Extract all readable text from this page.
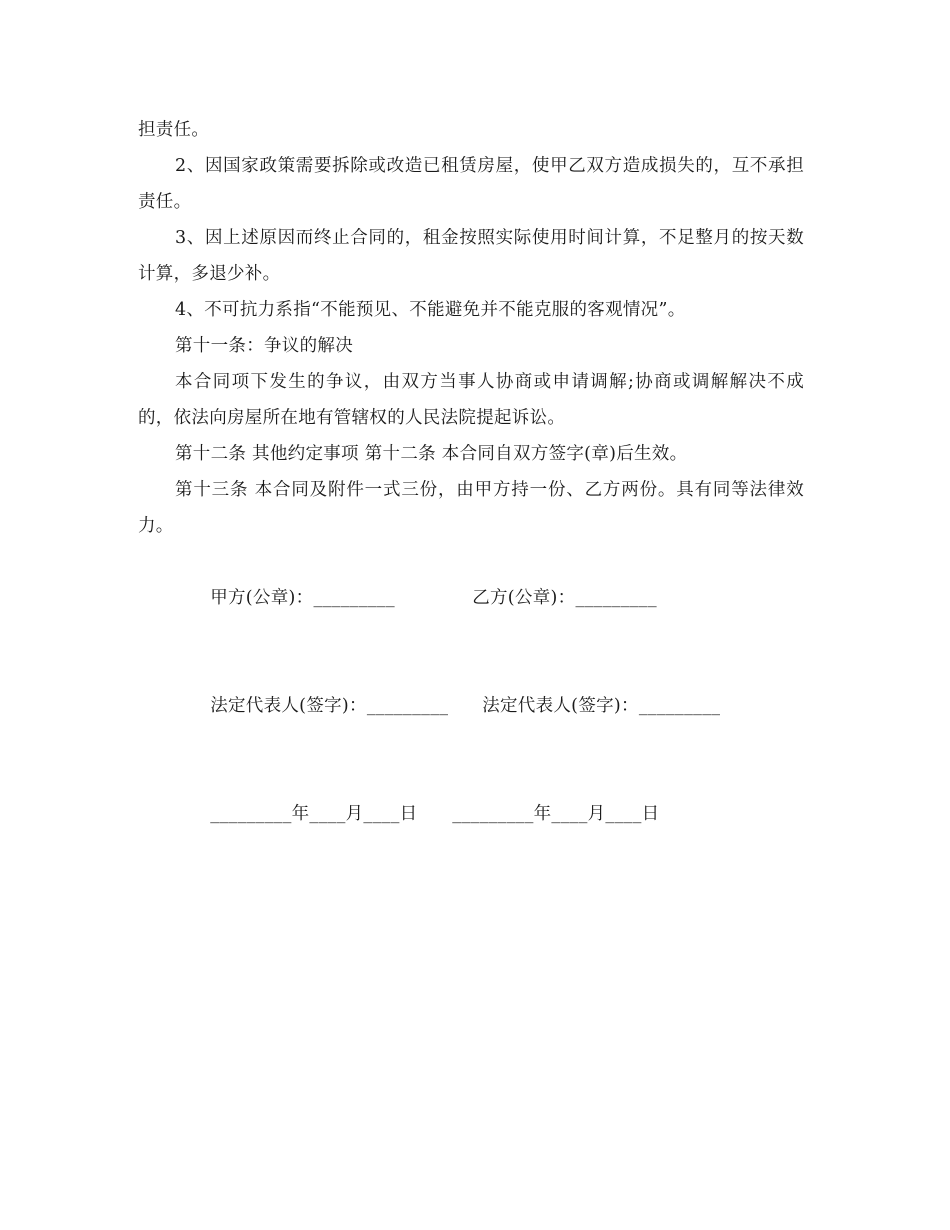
担责任。

2、因国家政策需要拆除或改造已租赁房屋，使甲乙双方造成损失的，互不承担责任。

3、因上述原因而终止合同的，租金按照实际使用时间计算，不足整月的按天数计算，多退少补。

4、不可抗力系指“不能预见、不能避免并不能克服的客观情况”。

第十一条：争议的解决

本合同项下发生的争议，由双方当事人协商或申请调解;协商或调解解决不成的，依法向房屋所在地有管辖权的人民法院提起诉讼。

第十二条 其他约定事项 第十二条 本合同自双方签字(章)后生效。

第十三条 本合同及附件一式三份，由甲方持一份、乙方两份。具有同等法律效力。

甲方(公章)：_________	乙方(公章)：_________

法定代表人(签字)：_________ 法定代表人(签字)：_________

_________年____月____日 _________年____月____日
